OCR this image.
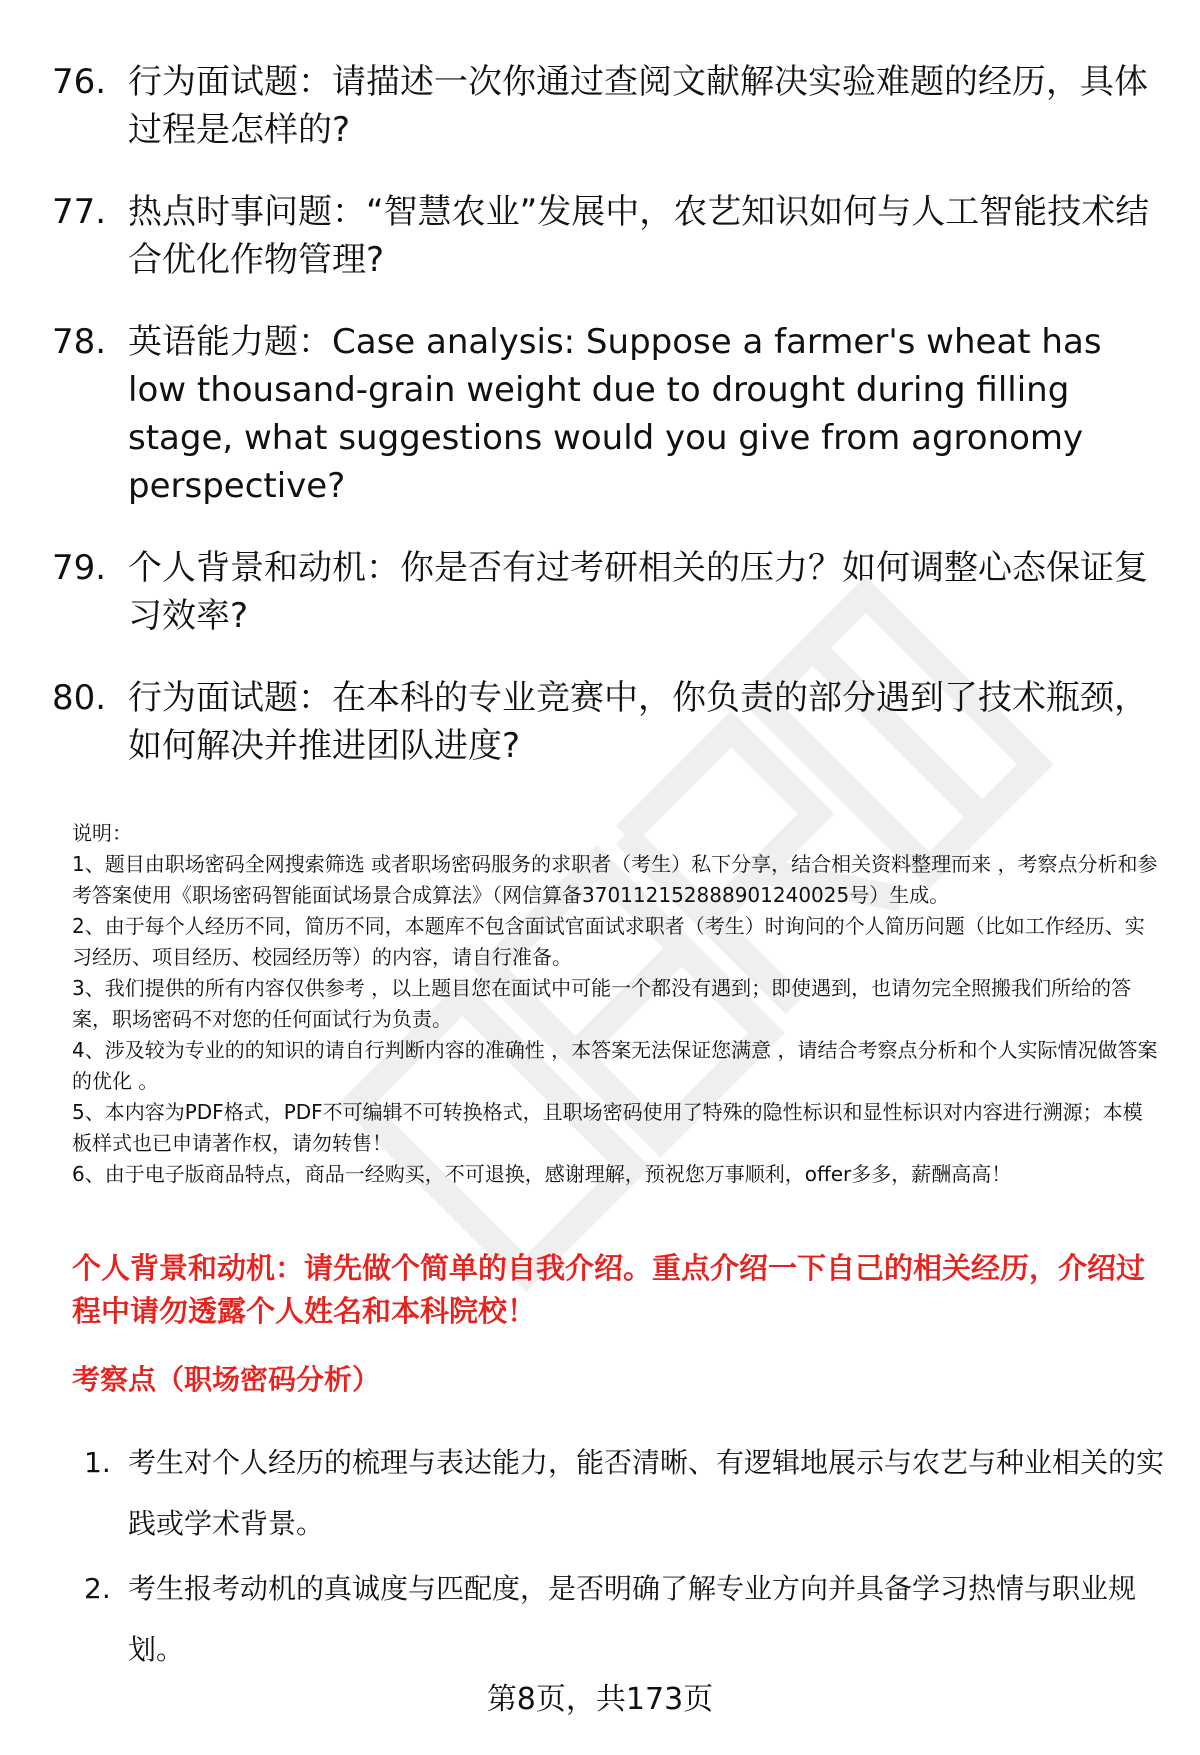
76. 行为面试题：请描述一次你通过查阅文献解决实验难题的经历，具体过程是怎样的?
77. 热点时事问题：“智慧农业”发展中，农艺知识如何与人工智能技术结合优化作物管理?
78. 英语能力题：Case analysis: Suppose a farmer's wheat has low thousand-grain weight due to drought during filling stage, what suggestions would you give from agronomy perspective?
79. 个人背景和动机：你是否有过考研相关的压力？如何调整心态保证复习效率?
80. 行为面试题：在本科的专业竞赛中，你负责的部分遇到了技术瓶颈，如何解决并推进团队进度?

说明：

1、题目由职场密码全网搜索筛选 或者职场密码服务的求职者（考生）私下分享，结合相关资料整理而来 ，考察点分析和参考答案使用《职场密码智能面试场景合成算法》（网信算备370112152888901240025号）生成。

2、由于每个人经历不同，简历不同，本题库不包含面试官面试求职者（考生）时询问的个人简历问题（比如工作经历、实习经历、项目经历、校园经历等）的内容，请自行准备。

3、我们提供的所有内容仅供参考 ，以上题目您在面试中可能一个都没有遇到；即使遇到，也请勿完全照搬我们所给的答案，职场密码不对您的任何面试行为负责。

4、涉及较为专业的的知识的请自行判断内容的准确性 ，本答案无法保证您满意 ，请结合考察点分析和个人实际情况做答案的优化 。

5、本内容为PDF格式，PDF不可编辑不可转换格式，且职场密码使用了特殊的隐性标识和显性标识对内容进行溯源；本模板样式也已申请著作权，请勿转售！

6、由于电子版商品特点，商品一经购买，不可退换，感谢理解，预祝您万事顺利，offer多多，薪酬高高！

个人背景和动机：请先做个简单的自我介绍。重点介绍一下自己的相关经历，介绍过程中请勿透露个人姓名和本科院校！
考察点（职场密码分析）
1. 考生对个人经历的梳理与表达能力，能否清晰、有逻辑地展示与农艺与种业相关的实践或学术背景。
2. 考生报考动机的真诚度与匹配度，是否明确了解专业方向并具备学习热情与职业规划。
第8页，共173页
